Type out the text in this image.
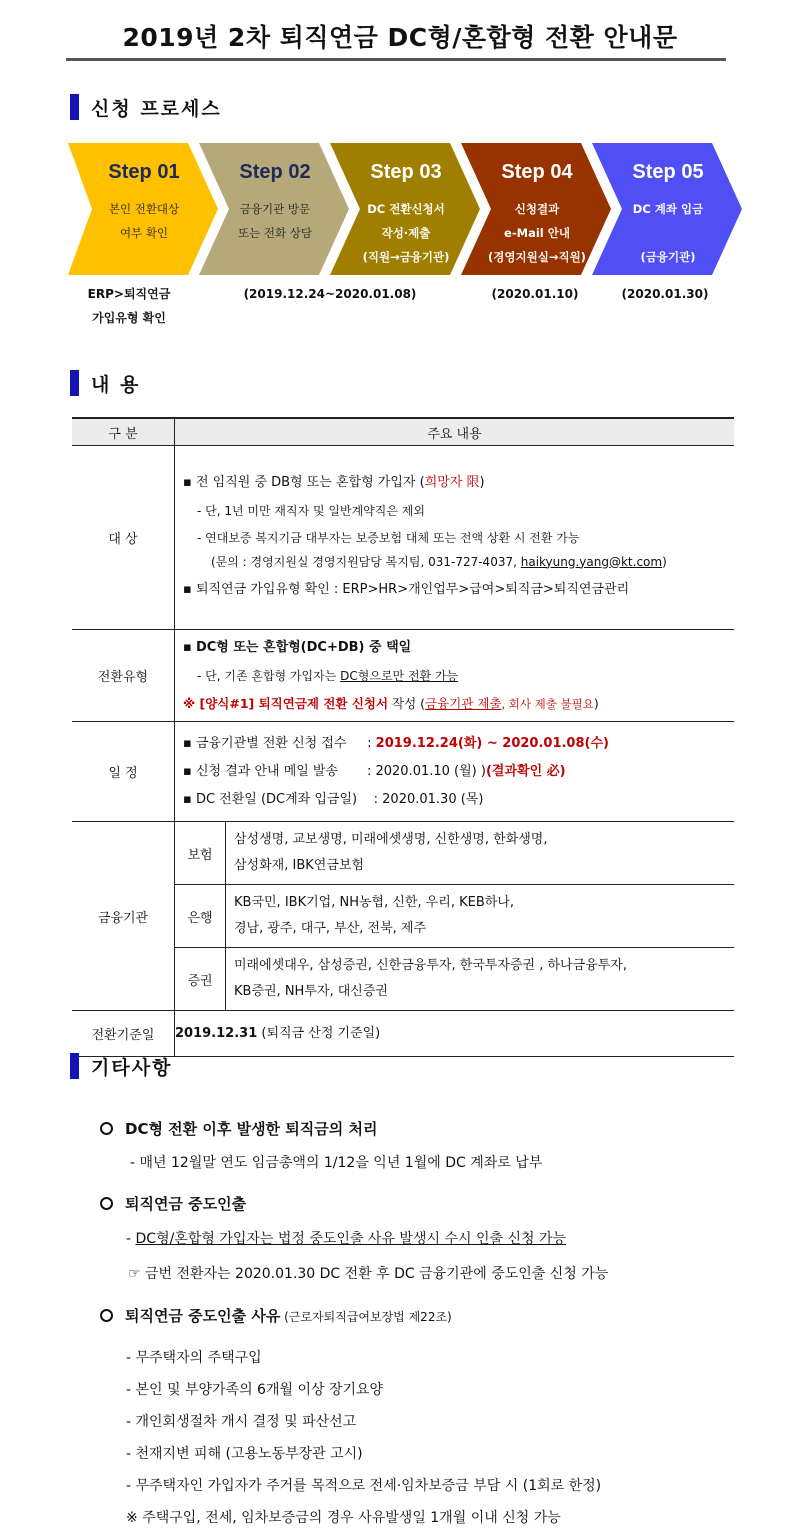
2019년 2차 퇴직연금 DC형/혼합형 전환 안내문
신청 프로세스
Step 01
본인 전환대상
여부 확인
Step 02
금융기관 방문
또는 전화 상담
Step 03
DC 전환신청서
작성·제출
(직원→금융기관)
Step 04
신청결과
e-Mail 안내
(경영지원실→직원)
Step 05
DC 계좌 입금
(금융기관)
ERP>퇴직연금
가입유형 확인
(2019.12.24~2020.01.08)	(2020.01.10)	(2020.01.30)
내 용
구 분	주요 내용
대 상	
▪ 전 임직원 중 DB형 또는 혼합형 가입자 (희망자 限)
- 단, 1년 미만 재직자 및 일반계약직은 제외
- 연대보증 복지기금 대부자는 보증보험 대체 또는 전액 상환 시 전환 가능
(문의 : 경영지원실 경영지원담당 복지팀, 031-727-4037, haikyung.yang@kt.com)
▪ 퇴직연금 가입유형 확인 : ERP>HR>개인업무>급여>퇴직금>퇴직연금관리

전환유형	
▪ DC형 또는 혼합형(DC+DB) 중 택일
- 단, 기존 혼합형 가입자는 DC형으로만 전환 가능
※ [양식#1] 퇴직연금제 전환 신청서 작성 (금융기관 제출, 회사 제출 불필요)

일 정	
▪ 금융기관별 전환 신청 접수     : 2019.12.24(화) ~ 2020.01.08(수)
▪ 신청 결과 안내 메일 발송       : 2020.01.10 (월) )(결과확인 必)
▪ DC 전환일 (DC계좌 입금일)    : 2020.01.30 (목)

금융기관	
보험	
삼성생명, 교보생명, 미래에셋생명, 신한생명, 한화생명,
삼성화재, IBK연금보험

은행	
KB국민, IBK기업, NH농협, 신한, 우리, KEB하나,
경남, 광주, 대구, 부산, 전북, 제주

증권	
미래에셋대우, 삼성증권, 신한금융투자, 한국투자증권 , 하나금융투자,
KB증권, NH투자, 대신증권

전환기준일	2019.12.31 (퇴직금 산정 기준일)
기타사항
DC형 전환 이후 발생한 퇴직금의 처리
- 매년 12월말 연도 임금총액의 1/12을 익년 1월에 DC 계좌로 납부
퇴직연금 중도인출
- DC형/혼합형 가입자는 법정 중도인출 사유 발생시 수시 인출 신청 가능
☞ 금번 전환자는 2020.01.30 DC 전환 후 DC 금융기관에 중도인출 신청 가능
퇴직연금 중도인출 사유 (근로자퇴직급여보장법 제22조)
- 무주택자의 주택구입
- 본인 및 부양가족의 6개월 이상 장기요양
- 개인회생절차 개시 결정 및 파산선고
- 천재지변 피해 (고용노동부장관 고시)
- 무주택자인 가입자가 주거를 목적으로 전세·임차보증금 부담 시 (1회로 한정)
※ 주택구입, 전세, 임차보증금의 경우 사유발생일 1개월 이내 신청 가능
